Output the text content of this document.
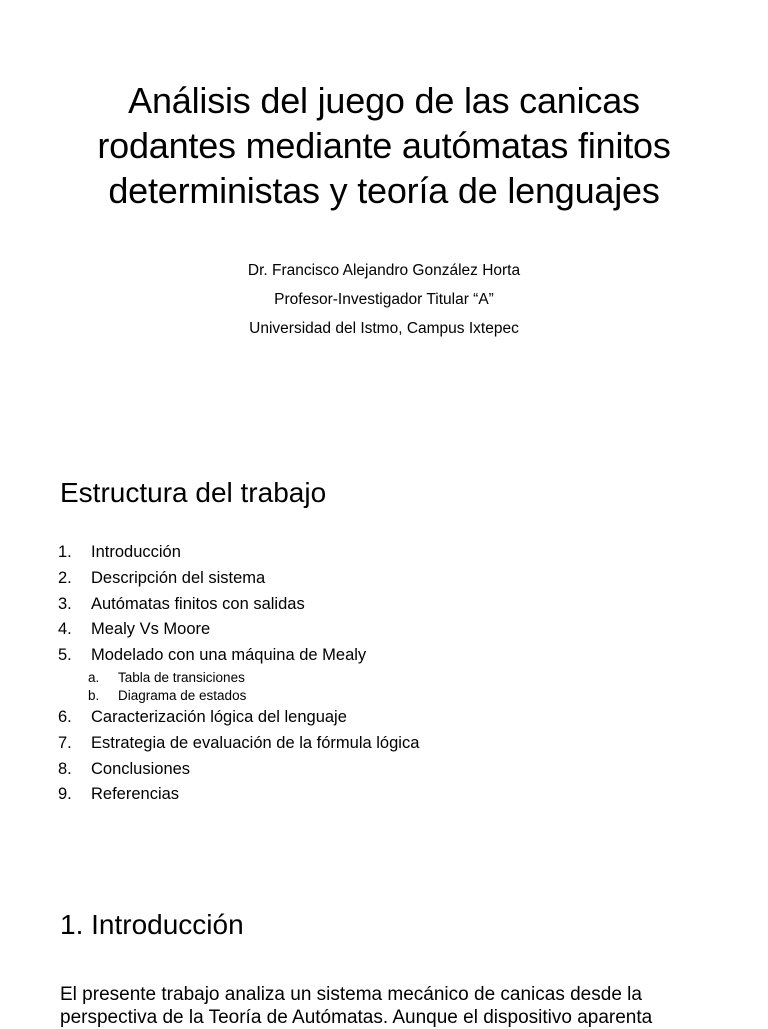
Análisis del juego de las canicas
rodantes mediante autómatas finitos
deterministas y teoría de lenguajes
Dr. Francisco Alejandro González Horta
Profesor-Investigador Titular “A”
Universidad del Istmo, Campus Ixtepec
Estructura del trabajo
1. Introducción
2. Descripción del sistema
3. Autómatas finitos con salidas
4. Mealy Vs Moore
5. Modelado con una máquina de Mealy
a. Tabla de transiciones
b. Diagrama de estados
6. Caracterización lógica del lenguaje
7. Estrategia de evaluación de la fórmula lógica
8. Conclusiones
9. Referencias
1. Introducción

El presente trabajo analiza un sistema mecánico de canicas desde la
perspectiva de la Teoría de Autómatas. Aunque el dispositivo aparenta
